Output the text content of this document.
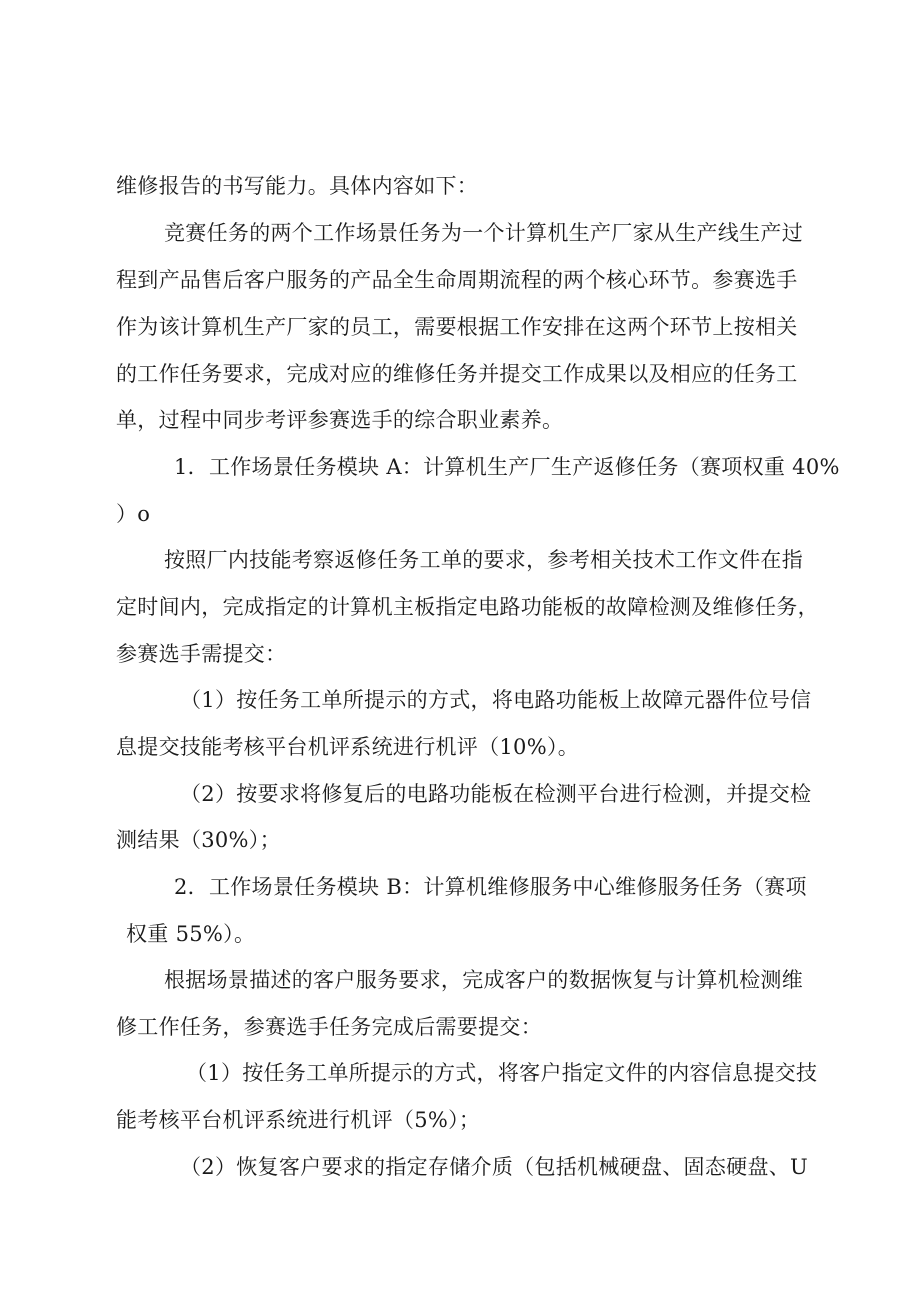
维修报告的书写能力。具体内容如下：
竞赛任务的两个工作场景任务为一个计算机生产厂家从生产线生产过
程到产品售后客户服务的产品全生命周期流程的两个核心环节。参赛选手
作为该计算机生产厂家的员工，需要根据工作安排在这两个环节上按相关
的工作任务要求，完成对应的维修任务并提交工作成果以及相应的任务工
单，过程中同步考评参赛选手的综合职业素养。
1．工作场景任务模块 A：计算机生产厂生产返修任务（赛项权重 40%
）o
按照厂内技能考察返修任务工单的要求，参考相关技术工作文件在指
定时间内，完成指定的计算机主板指定电路功能板的故障检测及维修任务，
参赛选手需提交：
（1）按任务工单所提示的方式，将电路功能板上故障元器件位号信
息提交技能考核平台机评系统进行机评（10%）。
（2）按要求将修复后的电路功能板在检测平台进行检测，并提交检
测结果（30%）；
2．工作场景任务模块 B：计算机维修服务中心维修服务任务（赛项
权重 55%）。
根据场景描述的客户服务要求，完成客户的数据恢复与计算机检测维
修工作任务，参赛选手任务完成后需要提交：
（1）按任务工单所提示的方式，将客户指定文件的内容信息提交技
能考核平台机评系统进行机评（5%）；
（2）恢复客户要求的指定存储介质（包括机械硬盘、固态硬盘、U
